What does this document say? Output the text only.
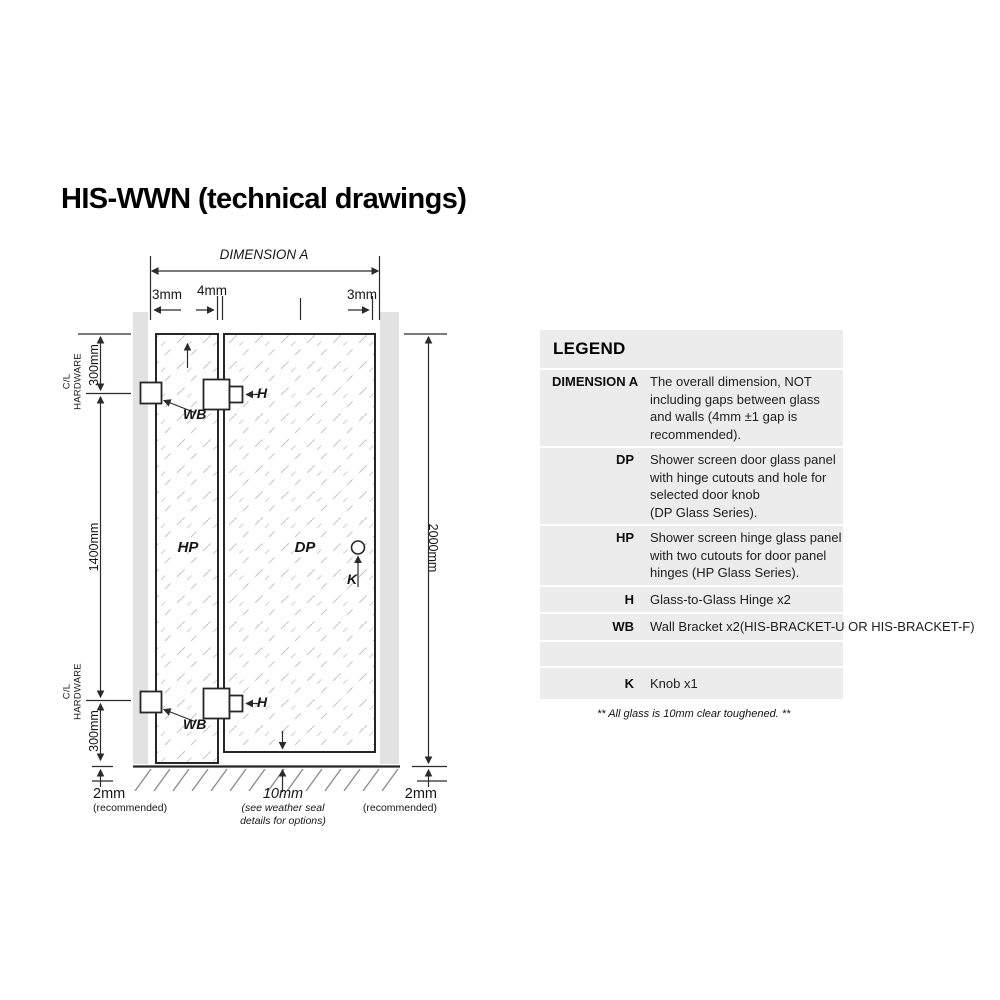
HIS-WWN (technical drawings)
DIMENSION A
3mm 4mm	3mm
300mm
C/L
HARDWARE
1400mm
C/L
HARDWARE
300mm
2000mm
HP	DP
K
WB
WB
H
H
2mm
(recommended)
10mm
(see weather seal
details for options)
2mm
(recommended)
LEGEND
DIMENSION A The overall dimension, NOT
including gaps between glass
and walls (4mm ±1 gap is
recommended).
DP	Shower screen door glass panel
with hinge cutouts and hole for
selected door knob
(DP Glass Series).
HP	Shower screen hinge glass panel
with two cutouts for door panel
hinges (HP Glass Series).
H	Glass-to-Glass Hinge x2
WB	Wall Bracket x2(HIS-BRACKET-U OR HIS-BRACKET-F)
K	Knob x1
** All glass is 10mm clear toughened. **
